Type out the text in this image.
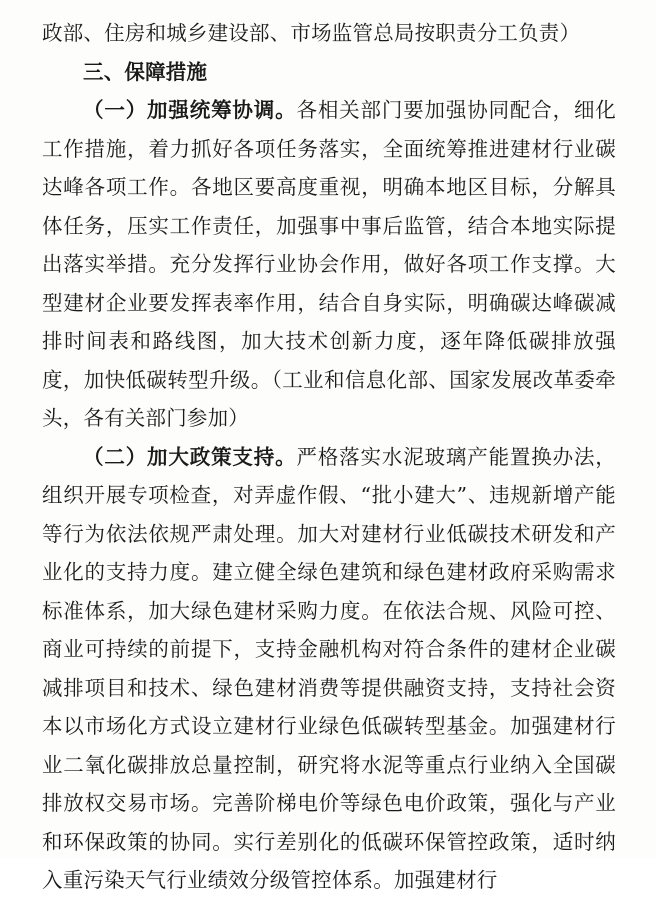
政部、住房和城乡建设部、市场监管总局按职责分工负责）

三、保障措施

（一）加强统筹协调。各相关部门要加强协同配合，细化工作措施，着力抓好各项任务落实，全面统筹推进建材行业碳达峰各项工作。各地区要高度重视，明确本地区目标，分解具体任务，压实工作责任，加强事中事后监管，结合本地实际提出落实举措。充分发挥行业协会作用，做好各项工作支撑。大型建材企业要发挥表率作用，结合自身实际，明确碳达峰碳减排时间表和路线图，加大技术创新力度，逐年降低碳排放强度，加快低碳转型升级。（工业和信息化部、国家发展改革委牵头，各有关部门参加）

（二）加大政策支持。严格落实水泥玻璃产能置换办法，组织开展专项检查，对弄虚作假、“批小建大”、违规新增产能等行为依法依规严肃处理。加大对建材行业低碳技术研发和产业化的支持力度。建立健全绿色建筑和绿色建材政府采购需求标准体系，加大绿色建材采购力度。在依法合规、风险可控、商业可持续的前提下，支持金融机构对符合条件的建材企业碳减排项目和技术、绿色建材消费等提供融资支持，支持社会资本以市场化方式设立建材行业绿色低碳转型基金。加强建材行业二氧化碳排放总量控制，研究将水泥等重点行业纳入全国碳排放权交易市场。完善阶梯电价等绿色电价政策，强化与产业和环保政策的协同。实行差别化的低碳环保管控政策，适时纳入重污染天气行业绩效分级管控体系。加强建材行
